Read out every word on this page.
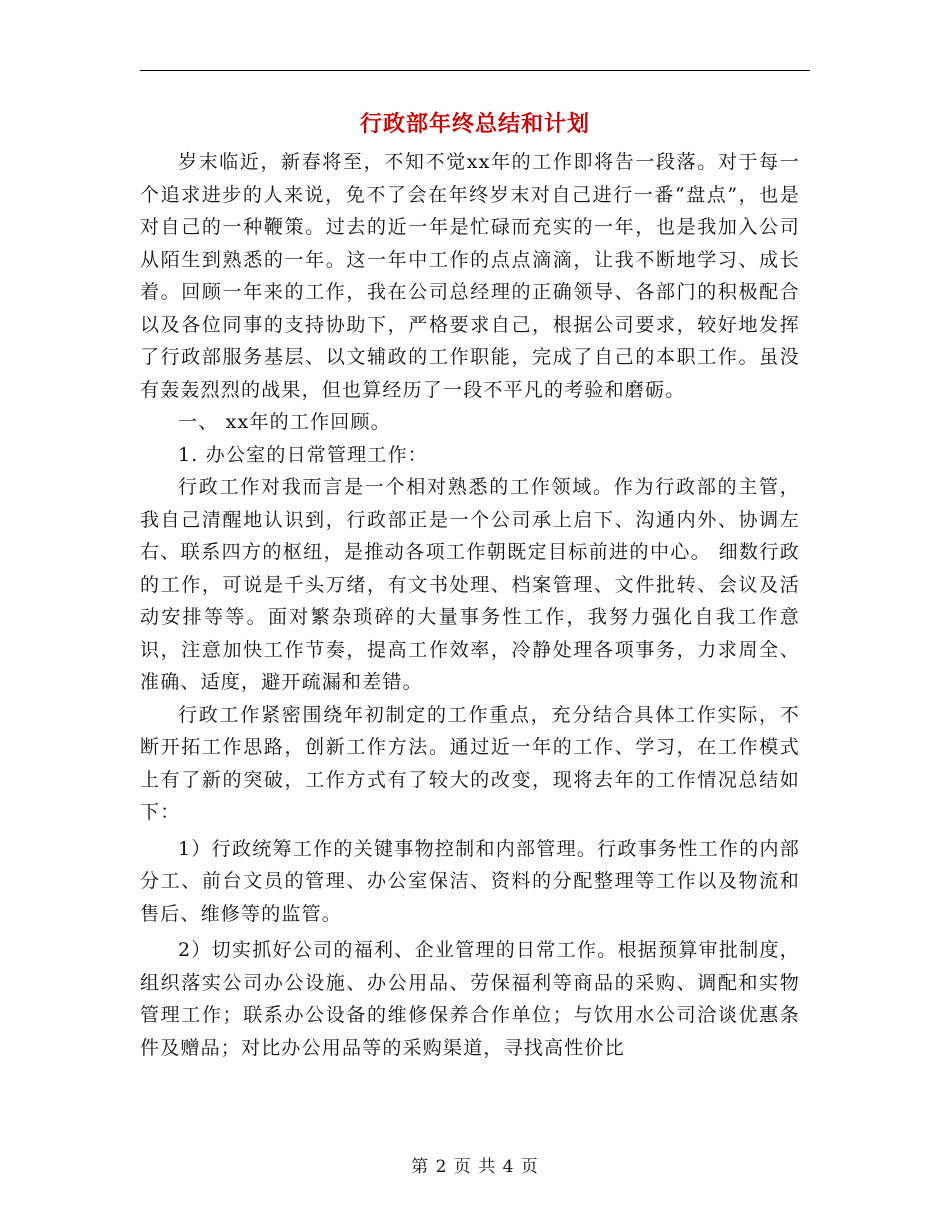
行政部年终总结和计划

岁末临近，新春将至，不知不觉xx年的工作即将告一段落。对于每一个追求进步的人来说，免不了会在年终岁末对自己进行一番“盘点”，也是对自己的一种鞭策。过去的近一年是忙碌而充实的一年，也是我加入公司从陌生到熟悉的一年。这一年中工作的点点滴滴，让我不断地学习、成长着。回顾一年来的工作，我在公司总经理的正确领导、各部门的积极配合以及各位同事的支持协助下，严格要求自己，根据公司要求，较好地发挥了行政部服务基层、以文辅政的工作职能，完成了自己的本职工作。虽没有轰轰烈烈的战果，但也算经历了一段不平凡的考验和磨砺。

一、 xx年的工作回顾。

1. 办公室的日常管理工作：

行政工作对我而言是一个相对熟悉的工作领域。作为行政部的主管，我自己清醒地认识到，行政部正是一个公司承上启下、沟通内外、协调左右、联系四方的枢纽，是推动各项工作朝既定目标前进的中心。 细数行政的工作，可说是千头万绪，有文书处理、档案管理、文件批转、会议及活动安排等等。面对繁杂琐碎的大量事务性工作，我努力强化自我工作意识，注意加快工作节奏，提高工作效率，冷静处理各项事务，力求周全、准确、适度，避开疏漏和差错。

行政工作紧密围绕年初制定的工作重点，充分结合具体工作实际，不断开拓工作思路，创新工作方法。通过近一年的工作、学习，在工作模式上有了新的突破，工作方式有了较大的改变，现将去年的工作情况总结如下：

1）行政统筹工作的关键事物控制和内部管理。行政事务性工作的内部分工、前台文员的管理、办公室保洁、资料的分配整理等工作以及物流和售后、维修等的监管。

2）切实抓好公司的福利、企业管理的日常工作。根据预算审批制度，组织落实公司办公设施、办公用品、劳保福利等商品的采购、调配和实物管理工作；联系办公设备的维修保养合作单位；与饮用水公司洽谈优惠条件及赠品；对比办公用品等的采购渠道，寻找高性价比

第 2 页 共 4 页
